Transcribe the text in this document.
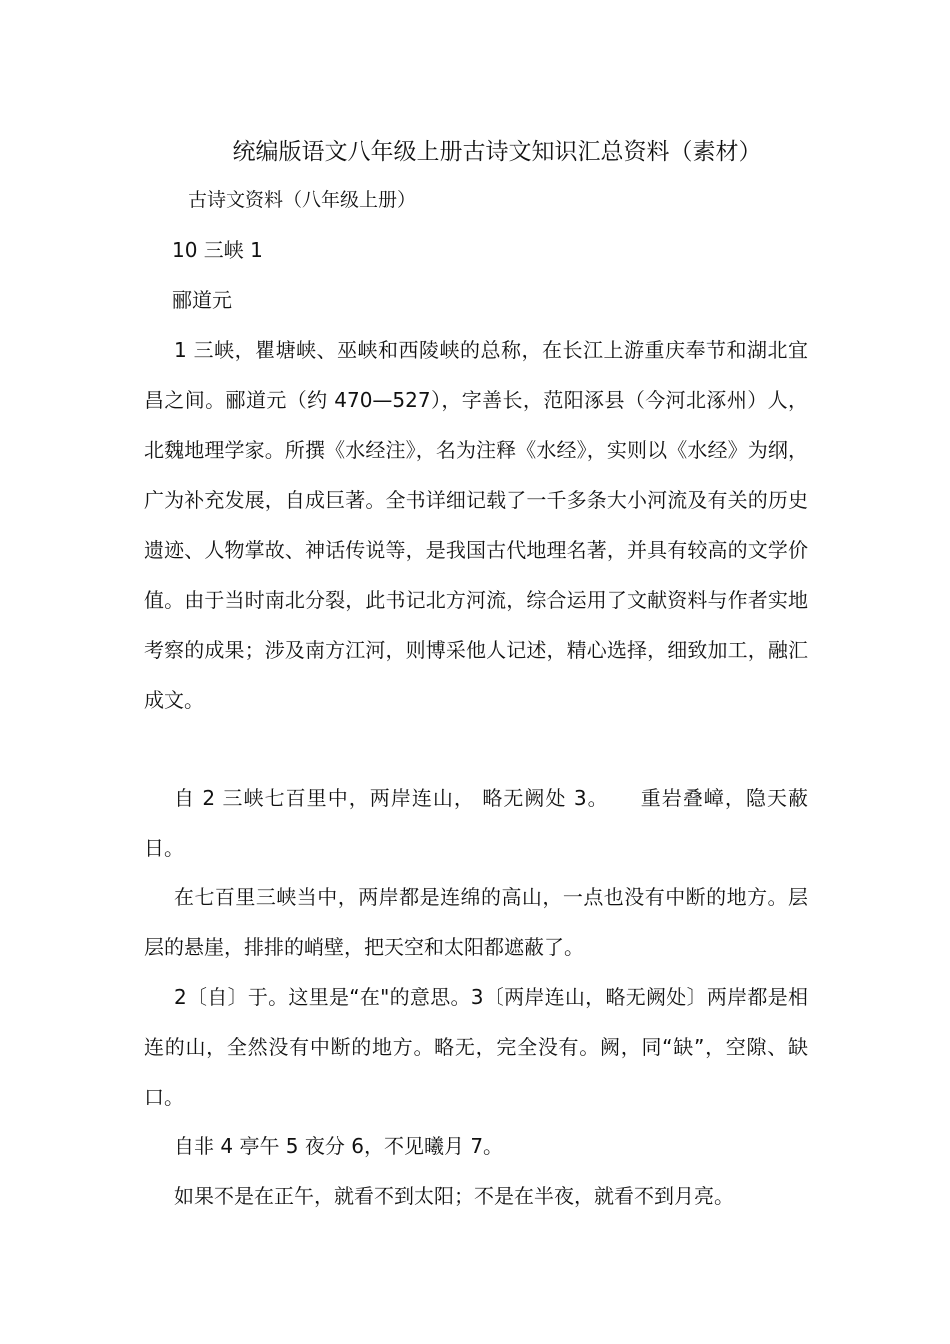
统编版语文八年级上册古诗文知识汇总资料（素材）
古诗文资料（八年级上册）
10 三峡 1
郦道元

1 三峡，瞿塘峡、巫峡和西陵峡的总称，在长江上游重庆奉节和湖北宜昌之间。郦道元（约 470—527），字善长，范阳涿县（今河北涿州）人，北魏地理学家。所撰《水经注》，名为注释《水经》，实则以《水经》为纲，广为补充发展，自成巨著。全书详细记载了一千多条大小河流及有关的历史遗迹、人物掌故、神话传说等，是我国古代地理名著，并具有较高的文学价值。由于当时南北分裂，此书记北方河流，综合运用了文献资料与作者实地考察的成果；涉及南方江河，则博采他人记述，精心选择，细致加工，融汇成文。

自 2 三峡七百里中，两岸连山， 略无阙处 3。　　重岩叠嶂，隐天蔽日。

在七百里三峡当中，两岸都是连绵的高山，一点也没有中断的地方。层层的悬崖，排排的峭壁，把天空和太阳都遮蔽了。

2〔自〕于。这里是“在"的意思。3〔两岸连山，略无阙处〕两岸都是相连的山，全然没有中断的地方。略无，完全没有。阙，同“缺”，空隙、缺口。

自非 4 亭午 5 夜分 6，不见曦月 7。

如果不是在正午，就看不到太阳；不是在半夜，就看不到月亮。
